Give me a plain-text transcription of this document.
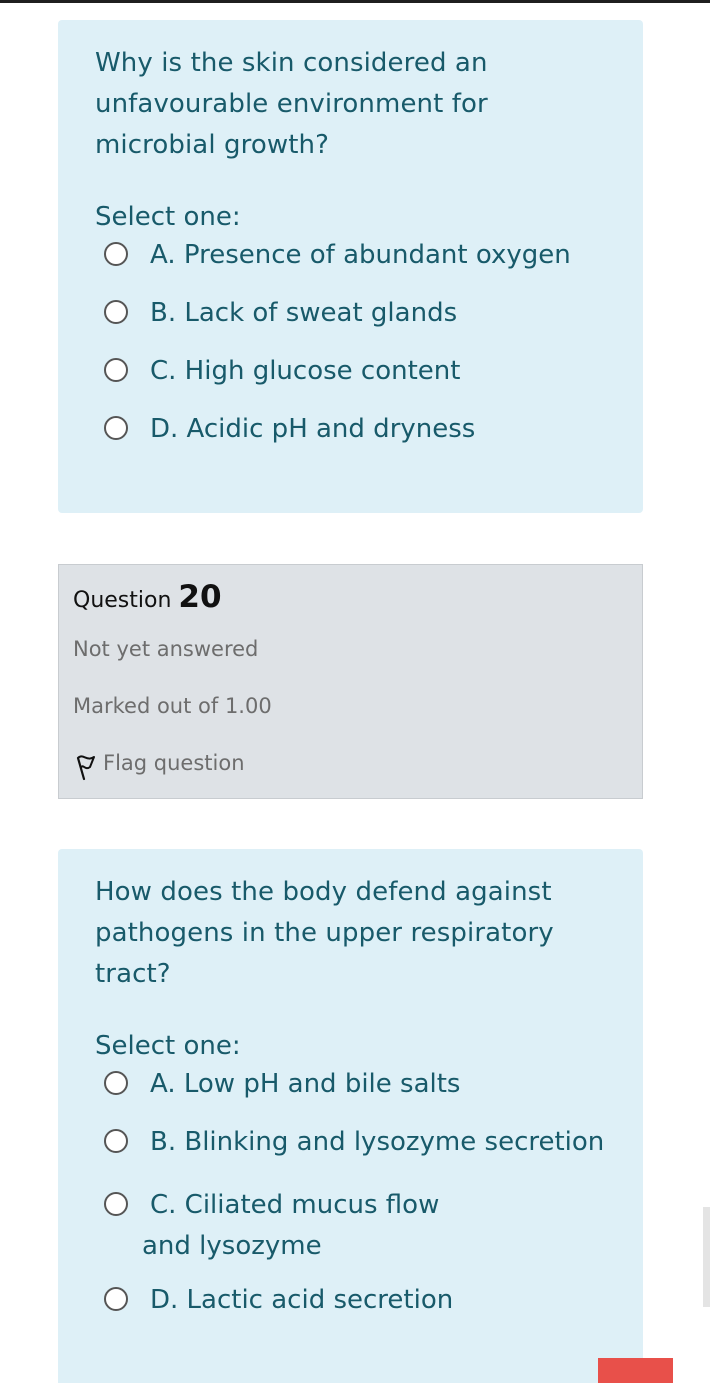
Why is the skin considered an unfavourable environment for microbial growth?

Select one:
A. Presence of abundant oxygen
B. Lack of sweat glands
C. High glucose content
D. Acidic pH and dryness
Question 20
Not yet answered
Marked out of 1.00
Flag question

How does the body defend against pathogens in the upper respiratory tract?

Select one:
A. Low pH and bile salts
B. Blinking and lysozyme secretion
C. Ciliated mucus flow and lysozyme
D. Lactic acid secretion
